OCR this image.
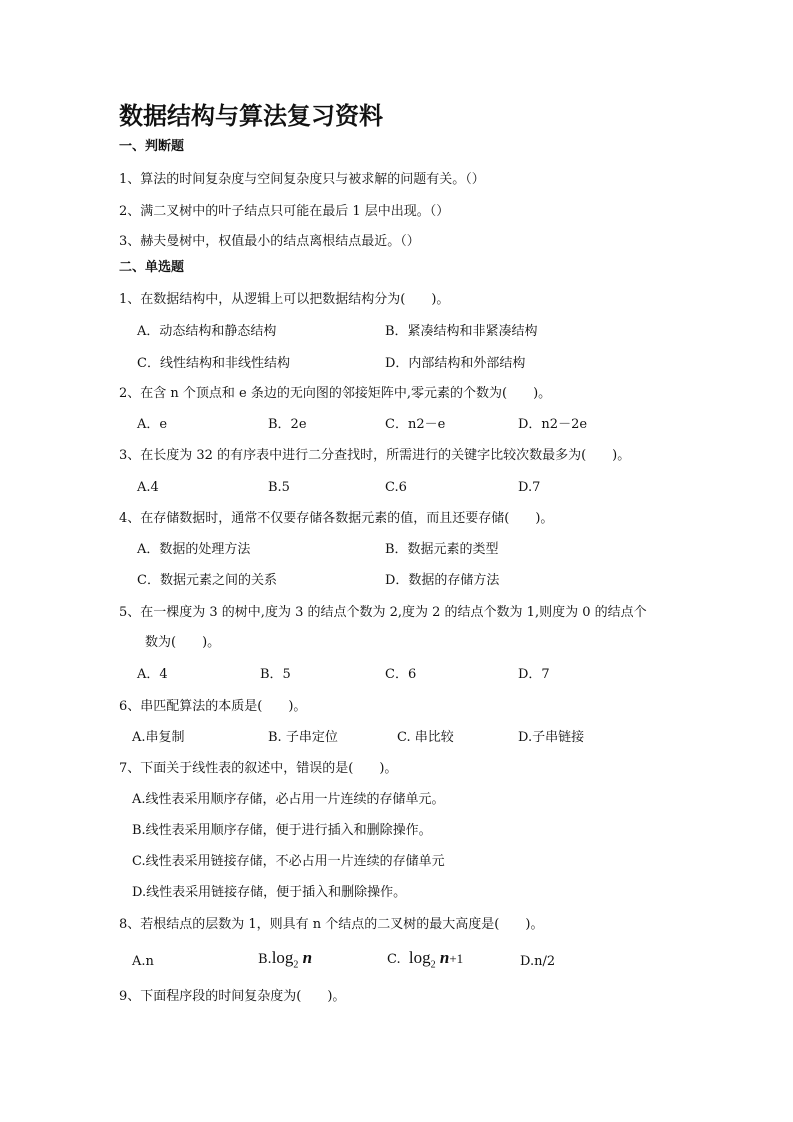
数据结构与算法复习资料
一、判断题
1、算法的时间复杂度与空间复杂度只与被求解的问题有关。（）
2、满二叉树中的叶子结点只可能在最后 1 层中出现。（）
3、赫夫曼树中，权值最小的结点离根结点最近。（）
二、单选题
1、在数据结构中，从逻辑上可以把数据结构分为(　　)。
A．动态结构和静态结构	B．紧凑结构和非紧凑结构
C．线性结构和非线性结构	D．内部结构和外部结构
2、在含 n 个顶点和 e 条边的无向图的邻接矩阵中,零元素的个数为(　　)。
A．e	B．2e	C．n2－e	D．n2－2e
3、在长度为 32 的有序表中进行二分查找时，所需进行的关键字比较次数最多为(　　)。
A.4	B.5	C.6	D.7
4、在存储数据时，通常不仅要存储各数据元素的值，而且还要存储(　　)。
A．数据的处理方法	B．数据元素的类型
C．数据元素之间的关系	D．数据的存储方法
5、在一棵度为 3 的树中,度为 3 的结点个数为 2,度为 2 的结点个数为 1,则度为 0 的结点个
数为(　　)。
A．4	B．5	C．6	D．7
6、串匹配算法的本质是(　　)。
A.串复制	B. 子串定位	C. 串比较	D.子串链接
7、下面关于线性表的叙述中，错误的是(　　)。
A.线性表采用顺序存储，必占用一片连续的存储单元。
B.线性表采用顺序存储，便于进行插入和删除操作。
C.线性表采用链接存储，不必占用一片连续的存储单元
D.线性表采用链接存储，便于插入和删除操作。
8、若根结点的层数为 1，则具有 n 个结点的二叉树的最大高度是(　　)。
A.n	$B.\log_2$ n	C. $\log_2 n+1$	D.n/2
9、下面程序段的时间复杂度为(　　)。
